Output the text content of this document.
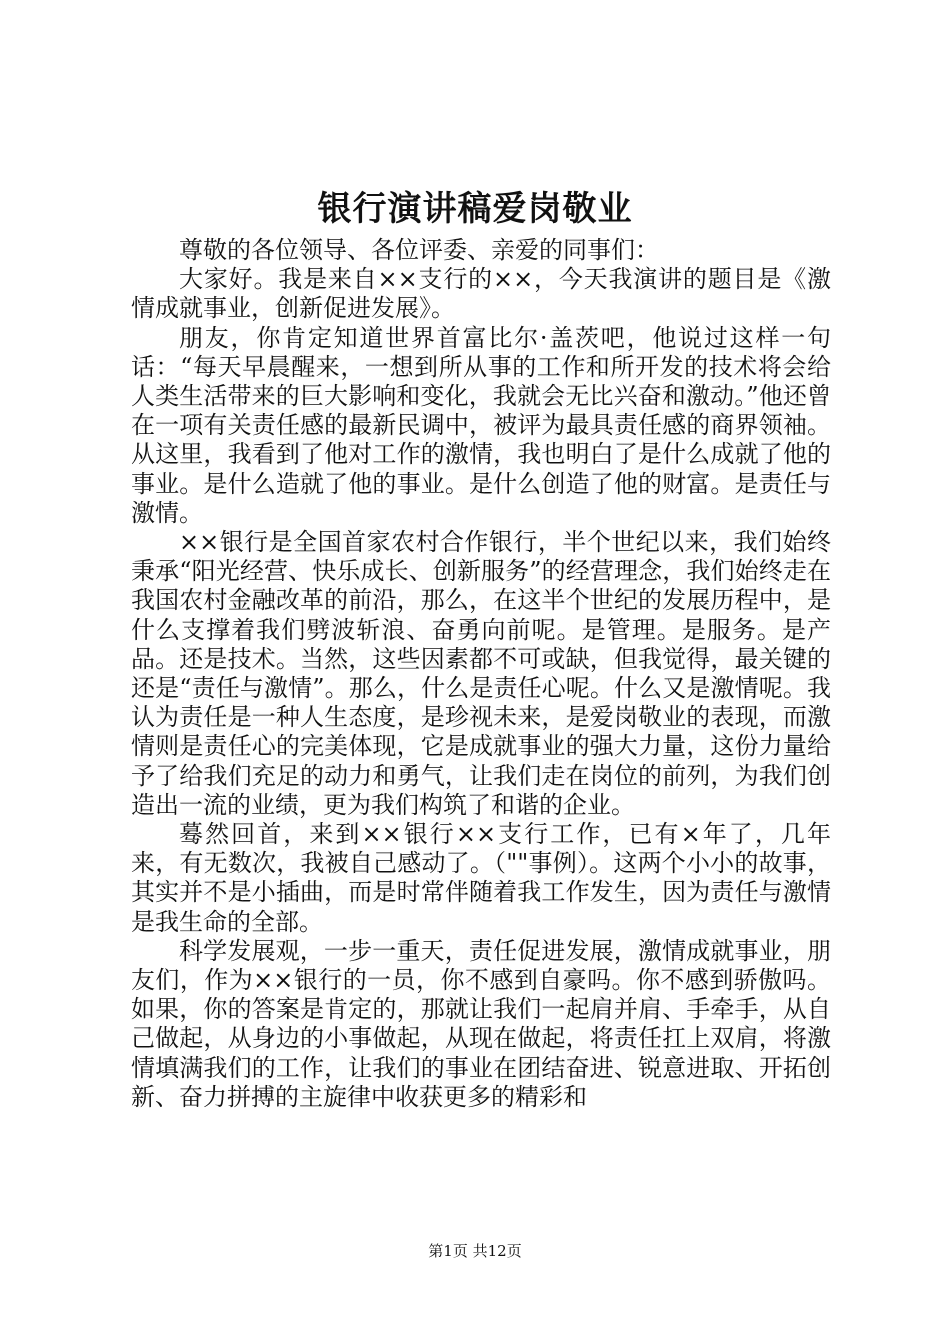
银行演讲稿爱岗敬业

尊敬的各位领导、各位评委、亲爱的同事们：

大家好。我是来自××支行的××，今天我演讲的题目是《激情成就事业，创新促进发展》。

朋友，你肯定知道世界首富比尔·盖茨吧，他说过这样一句话：“每天早晨醒来，一想到所从事的工作和所开发的技术将会给人类生活带来的巨大影响和变化，我就会无比兴奋和激动。”他还曾在一项有关责任感的最新民调中，被评为最具责任感的商界领袖。从这里，我看到了他对工作的激情，我也明白了是什么成就了他的事业。是什么造就了他的事业。是什么创造了他的财富。是责任与激情。

××银行是全国首家农村合作银行，半个世纪以来，我们始终秉承“阳光经营、快乐成长、创新服务”的经营理念，我们始终走在我国农村金融改革的前沿，那么，在这半个世纪的发展历程中，是什么支撑着我们劈波斩浪、奋勇向前呢。是管理。是服务。是产品。还是技术。当然，这些因素都不可或缺，但我觉得，最关键的还是“责任与激情”。那么，什么是责任心呢。什么又是激情呢。我认为责任是一种人生态度，是珍视未来，是爱岗敬业的表现，而激情则是责任心的完美体现，它是成就事业的强大力量，这份力量给予了给我们充足的动力和勇气，让我们走在岗位的前列，为我们创造出一流的业绩，更为我们构筑了和谐的企业。

蓦然回首，来到××银行××支行工作，已有×年了，几年来，有无数次，我被自己感动了。（""事例）。这两个小小的故事，其实并不是小插曲，而是时常伴随着我工作发生，因为责任与激情是我生命的全部。

科学发展观，一步一重天，责任促进发展，激情成就事业，朋友们，作为××银行的一员，你不感到自豪吗。你不感到骄傲吗。如果，你的答案是肯定的，那就让我们一起肩并肩、手牵手，从自己做起，从身边的小事做起，从现在做起，将责任扛上双肩，将激情填满我们的工作，让我们的事业在团结奋进、锐意进取、开拓创新、奋力拼搏的主旋律中收获更多的精彩和

第1页 共12页
